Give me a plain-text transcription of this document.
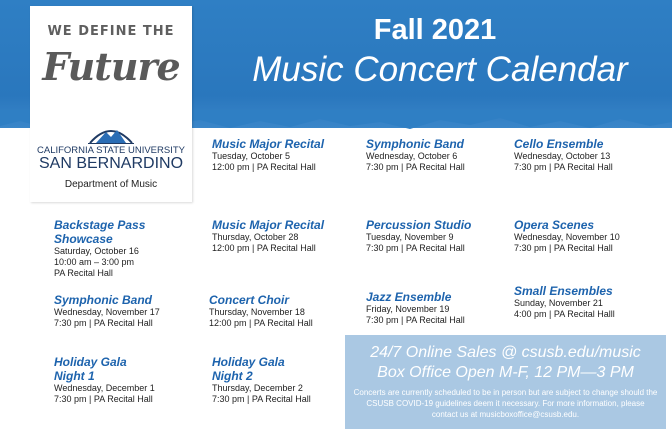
Fall 2021
Music Concert Calendar
WE DEFINE THE
Future
CALIFORNIA STATE UNIVERSITY
SAN BERNARDINO
Department of Music
Music Major Recital
Tuesday, October 5
12:00 pm | PA Recital Hall
Symphonic Band
Wednesday, October 6
7:30 pm | PA Recital Hall
Cello Ensemble
Wednesday, October 13
7:30 pm | PA Recital Hall
Backstage Pass
Showcase
Saturday, October 16
10:00 am – 3:00 pm
PA Recital Hall
Music Major Recital
Thursday, October 28
12:00 pm | PA Recital Hall
Percussion Studio
Tuesday, November 9
7:30 pm | PA Recital Hall
Opera Scenes
Wednesday, November 10
7:30 pm | PA Recital Hall
Symphonic Band
Wednesday, November 17
7:30 pm | PA Recital Hall
Concert Choir
Thursday, November 18
12:00 pm | PA Recital Hall
Jazz Ensemble
Friday, November 19
7:30 pm | PA Recital Hall
Small Ensembles
Sunday, November 21
4:00 pm | PA Recital Halll
Holiday Gala
Night 1
Wednesday, December 1
7:30 pm | PA Recital Hall
Holiday Gala
Night 2
Thursday, December 2
7:30 pm | PA Recital Hall
24/7 Online Sales @ csusb.edu/music
Box Office Open M-F, 12 PM—3 PM
Concerts are currently scheduled to be in person but are subject to change should the CSUSB COVID-19 guidelines deem it necessary. For more information, please contact us at musicboxoffice@csusb.edu.
